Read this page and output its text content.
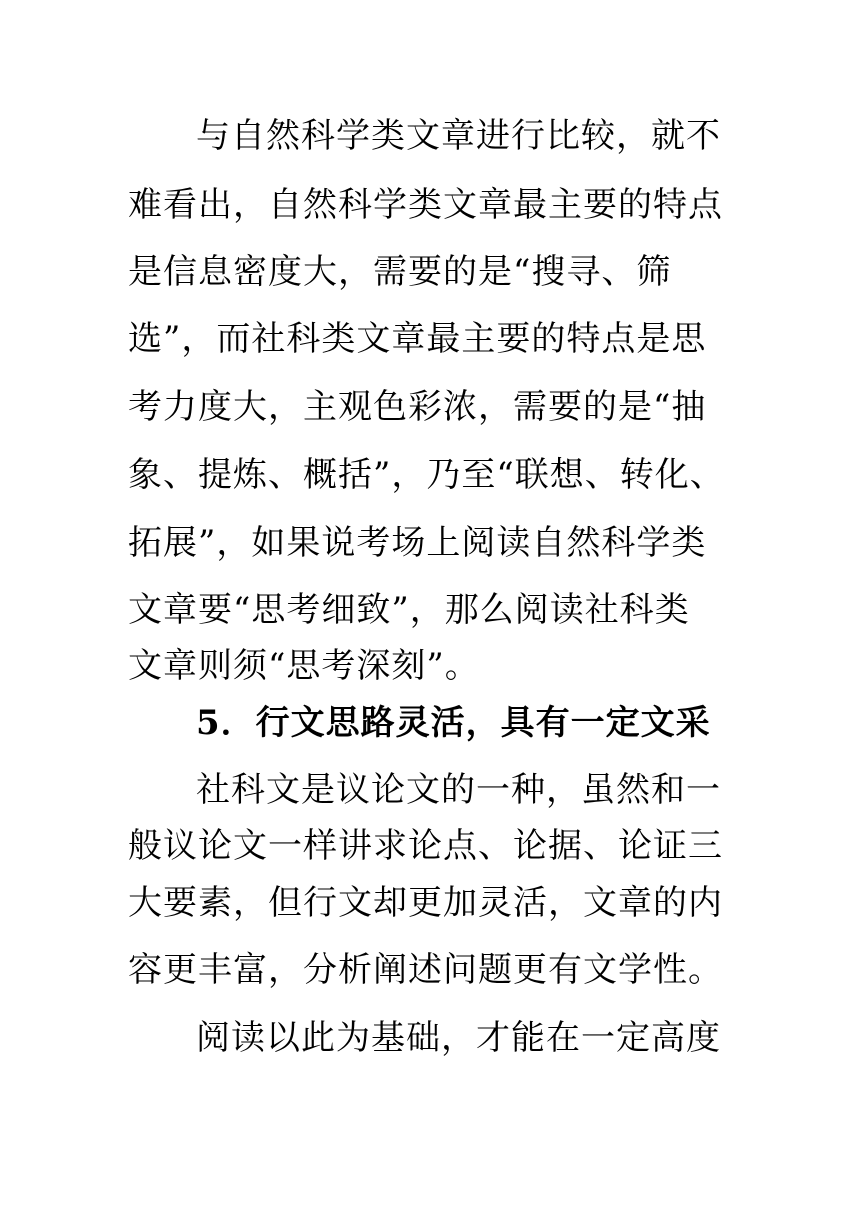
与自然科学类文章进行比较，就不
难看出，自然科学类文章最主要的特点
是信息密度大，需要的是“搜寻、筛
选”，而社科类文章最主要的特点是思
考力度大，主观色彩浓，需要的是“抽
象、提炼、概括”，乃至“联想、转化、
拓展”，如果说考场上阅读自然科学类
文章要“思考细致”，那么阅读社科类
文章则须“思考深刻”。
5．行文思路灵活，具有一定文采
社科文是议论文的一种，虽然和一
般议论文一样讲求论点、论据、论证三
大要素，但行文却更加灵活，文章的内
容更丰富，分析阐述问题更有文学性。
阅读以此为基础，才能在一定高度
